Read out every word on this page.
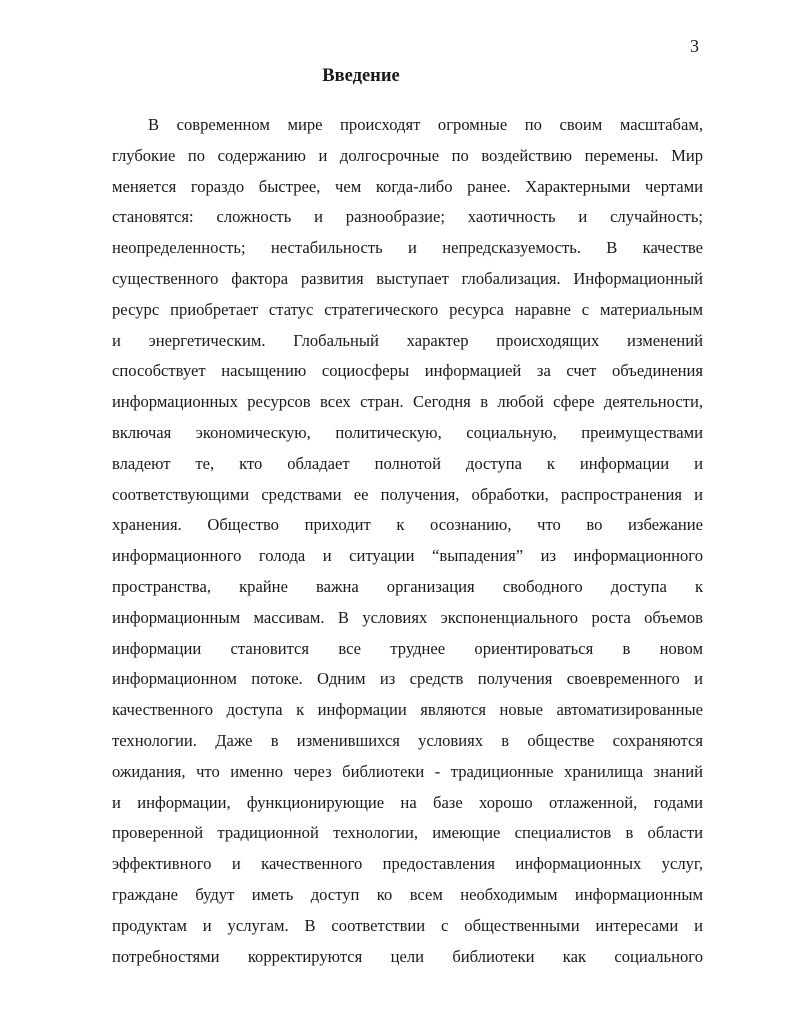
3
Введение
В современном мире происходят огромные по своим масштабам,
глубокие по содержанию и долгосрочные по воздействию перемены. Мир
меняется гораздо быстрее, чем когда-либо ранее. Характерными чертами
становятся: сложность и разнообразие; хаотичность и случайность;
неопределенность; нестабильность и непредсказуемость. В качестве
существенного фактора развития выступает глобализация. Информационный
ресурс приобретает статус стратегического ресурса наравне с материальным
и энергетическим. Глобальный характер происходящих изменений
способствует насыщению социосферы информацией за счет объединения
информационных ресурсов всех стран. Сегодня в любой сфере деятельности,
включая экономическую, политическую, социальную, преимуществами
владеют те, кто обладает полнотой доступа к информации и
соответствующими средствами ее получения, обработки, распространения и
хранения. Общество приходит к осознанию, что во избежание
информационного голода и ситуации “выпадения” из информационного
пространства, крайне важна организация свободного доступа к
информационным массивам. В условиях экспоненциального роста объемов
информации становится все труднее ориентироваться в новом
информационном потоке. Одним из средств получения своевременного и
качественного доступа к информации являются новые автоматизированные
технологии. Даже в изменившихся условиях в обществе сохраняются
ожидания, что именно через библиотеки - традиционные хранилища знаний
и информации, функционирующие на базе хорошо отлаженной, годами
проверенной традиционной технологии, имеющие специалистов в области
эффективного и качественного предоставления информационных услуг,
граждане будут иметь доступ ко всем необходимым информационным
продуктам и услугам. В соответствии с общественными интересами и
потребностями корректируются цели библиотеки как социального
